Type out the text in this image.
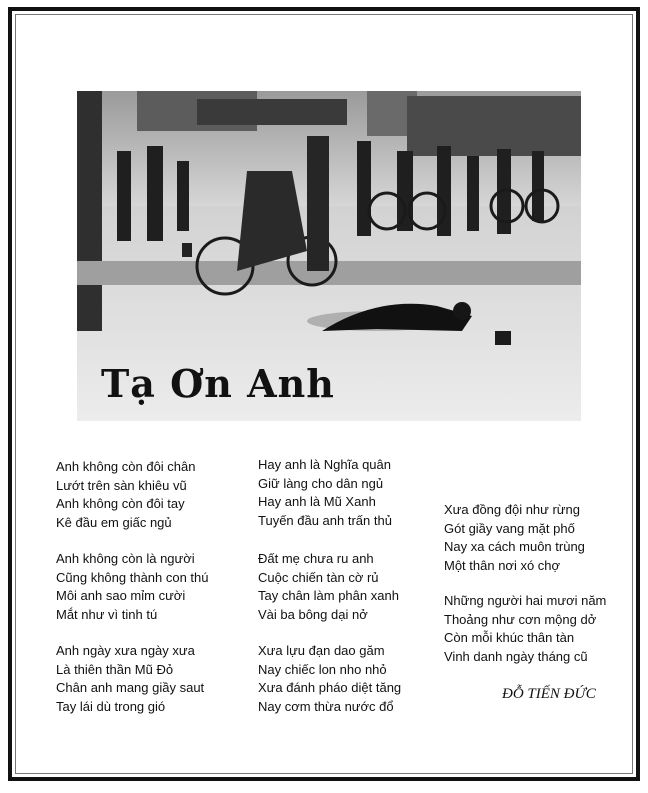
Tạ Ơn Anh
Anh không còn đôi chân
Lướt trên sàn khiêu vũ
Anh không còn đôi tay
Kê đầu em giấc ngủ
Anh không còn là người
Cũng không thành con thú
Môi anh sao mỉm cười
Mắt như vì tinh tú
Anh ngày xưa ngày xưa
Là thiên thần Mũ Đỏ
Chân anh mang giầy saut
Tay lái dù trong gió
Hay anh là Nghĩa quân
Giữ làng cho dân ngủ
Hay anh là Mũ Xanh
Tuyến đầu anh trấn thủ
Đất mẹ chưa ru anh
Cuộc chiến tàn cờ rủ
Tay chân làm phân xanh
Vài ba bông dại nở
Xưa lựu đạn dao găm
Nay chiếc lon nho nhỏ
Xưa đánh pháo diệt tăng
Nay cơm thừa nước đổ
Xưa đồng đội như rừng
Gót giầy vang mặt phố
Nay xa cách muôn trùng
Một thân nơi xó chợ
Những người hai mươi năm
Thoảng như cơn mộng dở
Còn mỗi khúc thân tàn
Vinh danh ngày tháng cũ
ĐỖ TIẾN ĐỨC
